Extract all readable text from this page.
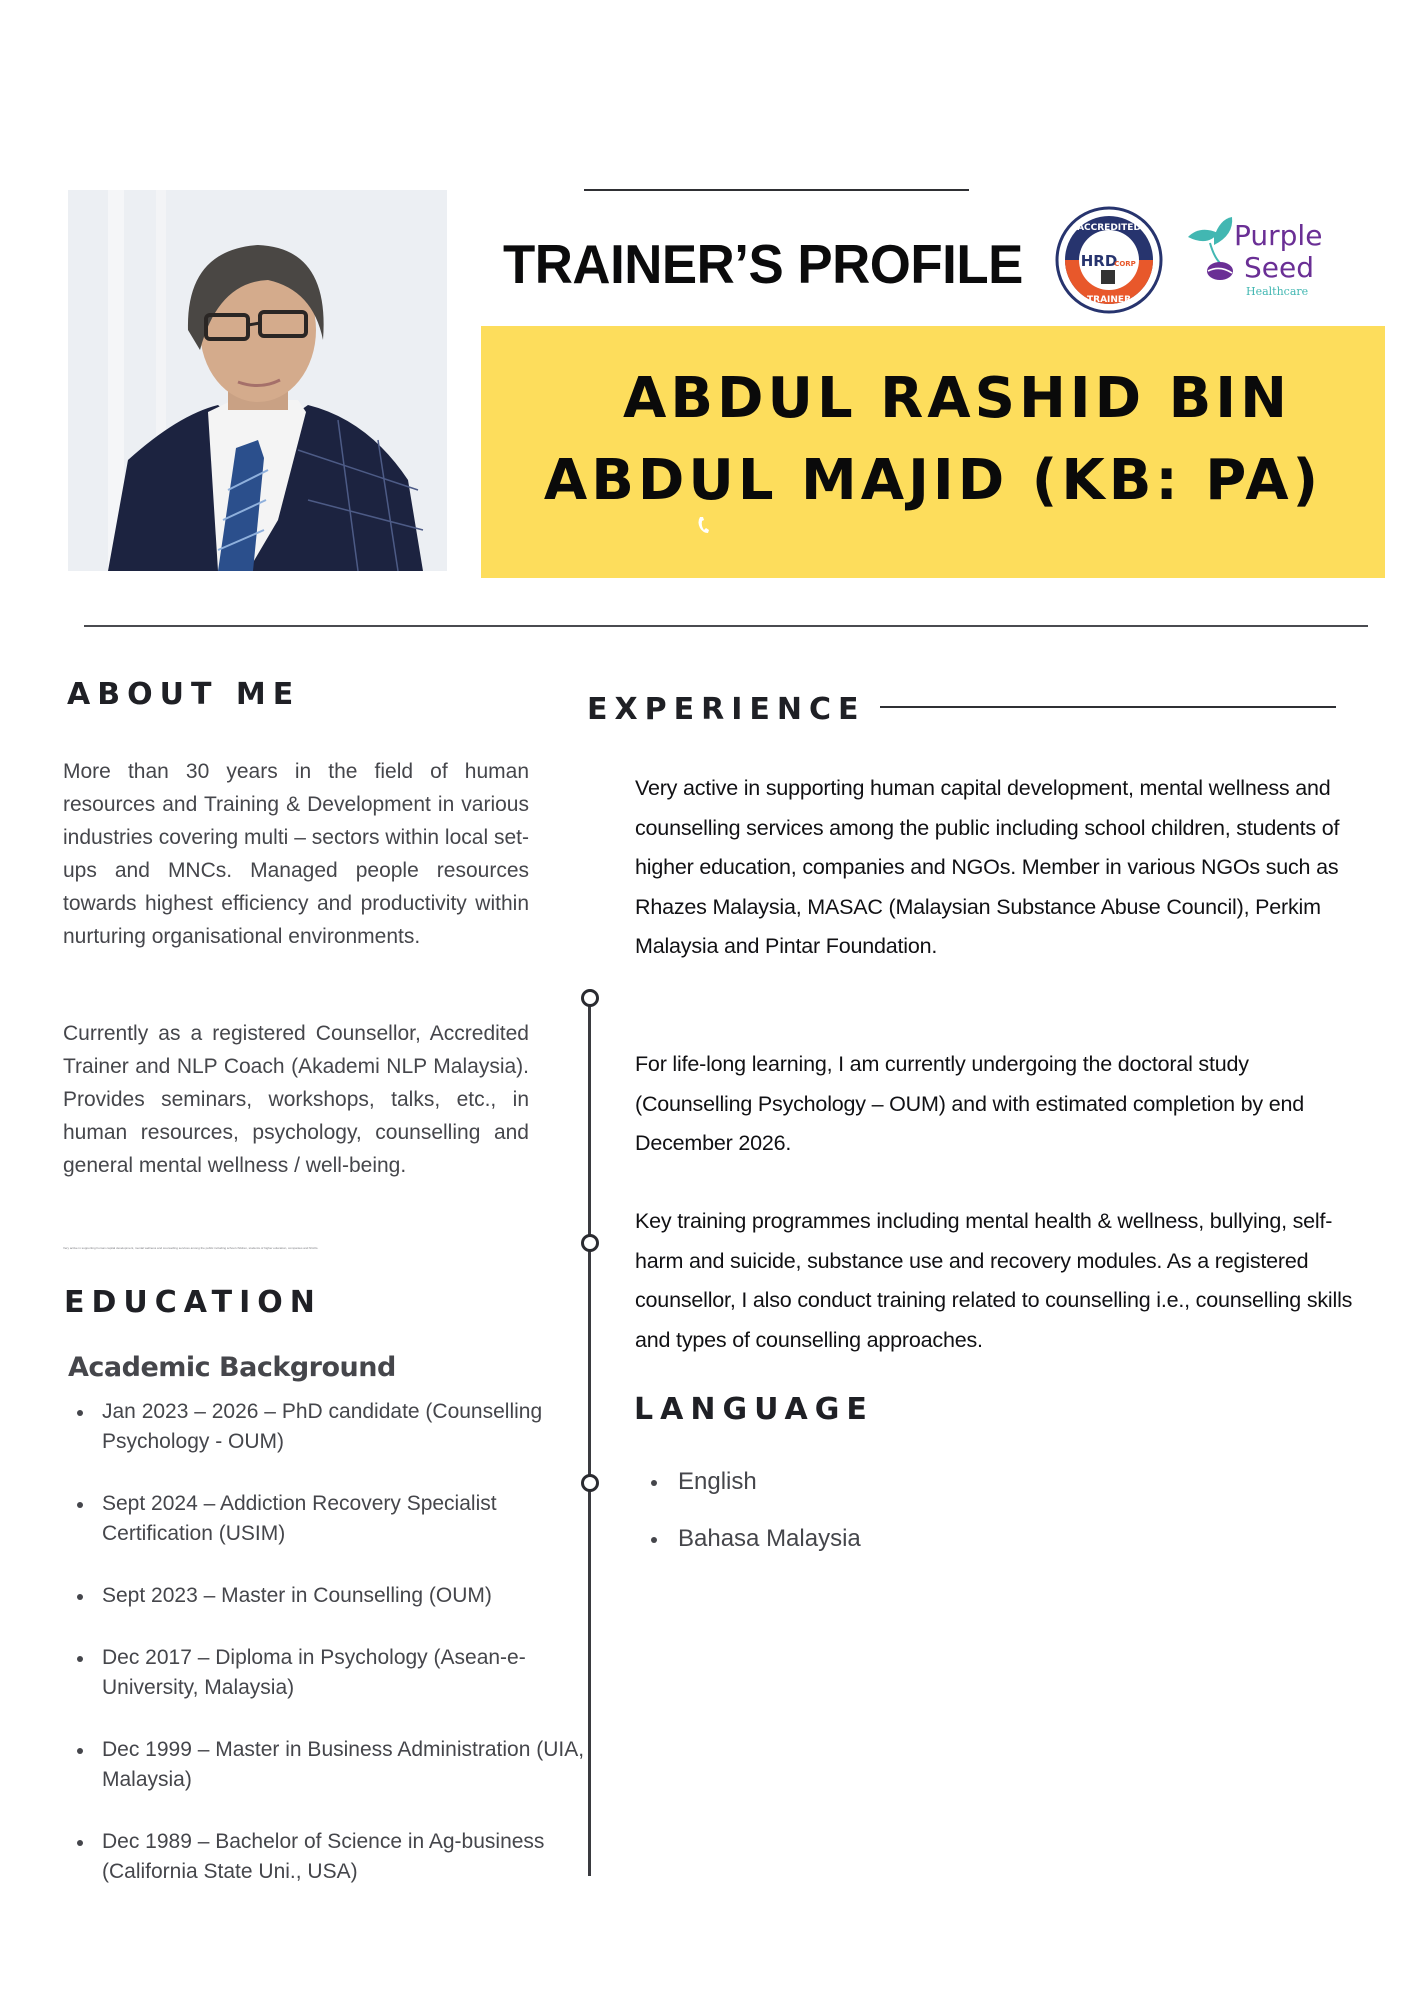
TRAINER’S PROFILE
ACCREDITED
HRD
CORP
TRAINER
Purple
Seed
Healthcare
ABDUL RASHID BIN
ABDUL MAJID (KB: PA)
ABOUT ME

More than 30 years in the field of human resources and Training & Development in various industries covering multi – sectors within local set-ups and MNCs. Managed people resources towards highest efficiency and productivity within nurturing organisational environments.

Currently as a registered Counsellor, Accredited Trainer and NLP Coach (Akademi NLP Malaysia). Provides seminars, workshops, talks, etc., in human resources, psychology, counselling and general mental wellness / well-being.

Very active in supporting human capital development, mental wellness and counselling services among the public including school children, students of higher education, companies and NGOs.
EDUCATION
Academic Background
Jan 2023 – 2026 – PhD candidate (Counselling Psychology - OUM)
Sept 2024 – Addiction Recovery Specialist Certification (USIM)
Sept 2023 – Master in Counselling (OUM)
Dec 2017 – Diploma in Psychology (Asean-e-University, Malaysia)
Dec 1999 – Master in Business Administration (UIA, Malaysia)
Dec 1989 – Bachelor of Science in Ag-business (California State Uni., USA)
EXPERIENCE

Very active in supporting human capital development, mental wellness and counselling services among the public including school children, students of higher education, companies and NGOs. Member in various NGOs such as Rhazes Malaysia, MASAC (Malaysian Substance Abuse Council), Perkim Malaysia and Pintar Foundation.

For life-long learning, I am currently undergoing the doctoral study (Counselling Psychology – OUM) and with estimated completion by end December 2026.

Key training programmes including mental health & wellness, bullying, self-harm and suicide, substance use and recovery modules. As a registered counsellor, I also conduct training related to counselling i.e., counselling skills and types of counselling approaches.

LANGUAGE
English
Bahasa Malaysia
